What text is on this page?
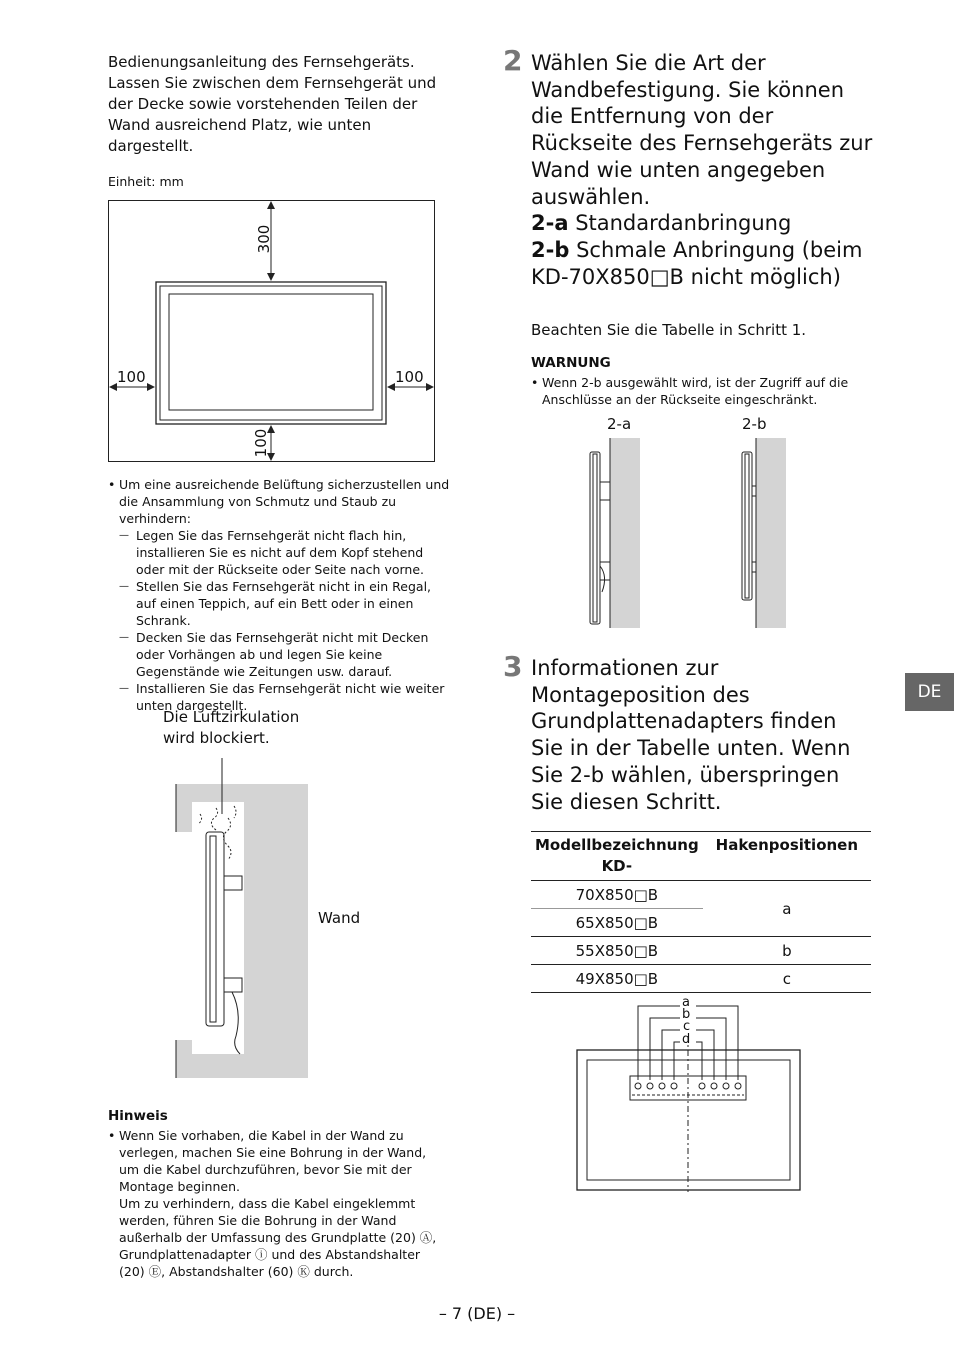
Bedienungsanleitung des Fernsehgeräts. Lassen Sie zwischen dem Fernsehgerät und der Decke sowie vorstehenden Teilen der Wand ausreichend Platz, wie unten dargestellt.
Einheit: mm
300
100	100
100
• Um eine ausreichende Belüftung sicherzustellen und die Ansammlung von Schmutz und Staub zu verhindern:
— Legen Sie das Fernsehgerät nicht flach hin, installieren Sie es nicht auf dem Kopf stehend oder mit der Rückseite oder Seite nach vorne.
— Stellen Sie das Fernsehgerät nicht in ein Regal, auf einen Teppich, auf ein Bett oder in einen Schrank.
— Decken Sie das Fernsehgerät nicht mit Decken oder Vorhängen ab und legen Sie keine Gegenstände wie Zeitungen usw. darauf.
— Installieren Sie das Fernsehgerät nicht wie weiter unten dargestellt.
Die Luftzirkulation wird blockiert.
Wand
Hinweis
• Wenn Sie vorhaben, die Kabel in der Wand zu verlegen, machen Sie eine Bohrung in der Wand, um die Kabel durchzuführen, bevor Sie mit der Montage beginnen.
Um zu verhindern, dass die Kabel eingeklemmt werden, führen Sie die Bohrung in der Wand außerhalb der Umfassung des Grundplatte (20) Ⓐ, Grundplattenadapter ⓘ und des Abstandshalter (20) Ⓔ, Abstandshalter (60) Ⓚ durch.
2 Wählen Sie die Art der Wandbefestigung. Sie können die Entfernung von der Rückseite des Fernsehgeräts zur Wand wie unten angegeben auswählen.
2-a Standardanbringung
2-b Schmale Anbringung (beim KD-70X850□B nicht möglich)
Beachten Sie die Tabelle in Schritt 1.
WARNUNG
• Wenn 2-b ausgewählt wird, ist der Zugriff auf die Anschlüsse an der Rückseite eingeschränkt.
2-a	2-b
3 Informationen zur Montageposition des Grundplattenadapters finden Sie in der Tabelle unten. Wenn Sie 2-b wählen, überspringen Sie diesen Schritt.
Modellbezeichnung KD-	Hakenpositionen
70X850□B	a
65X850□B	
55X850□B	b
49X850□B	c
a
b
c
d
DE
– 7 (DE) –
